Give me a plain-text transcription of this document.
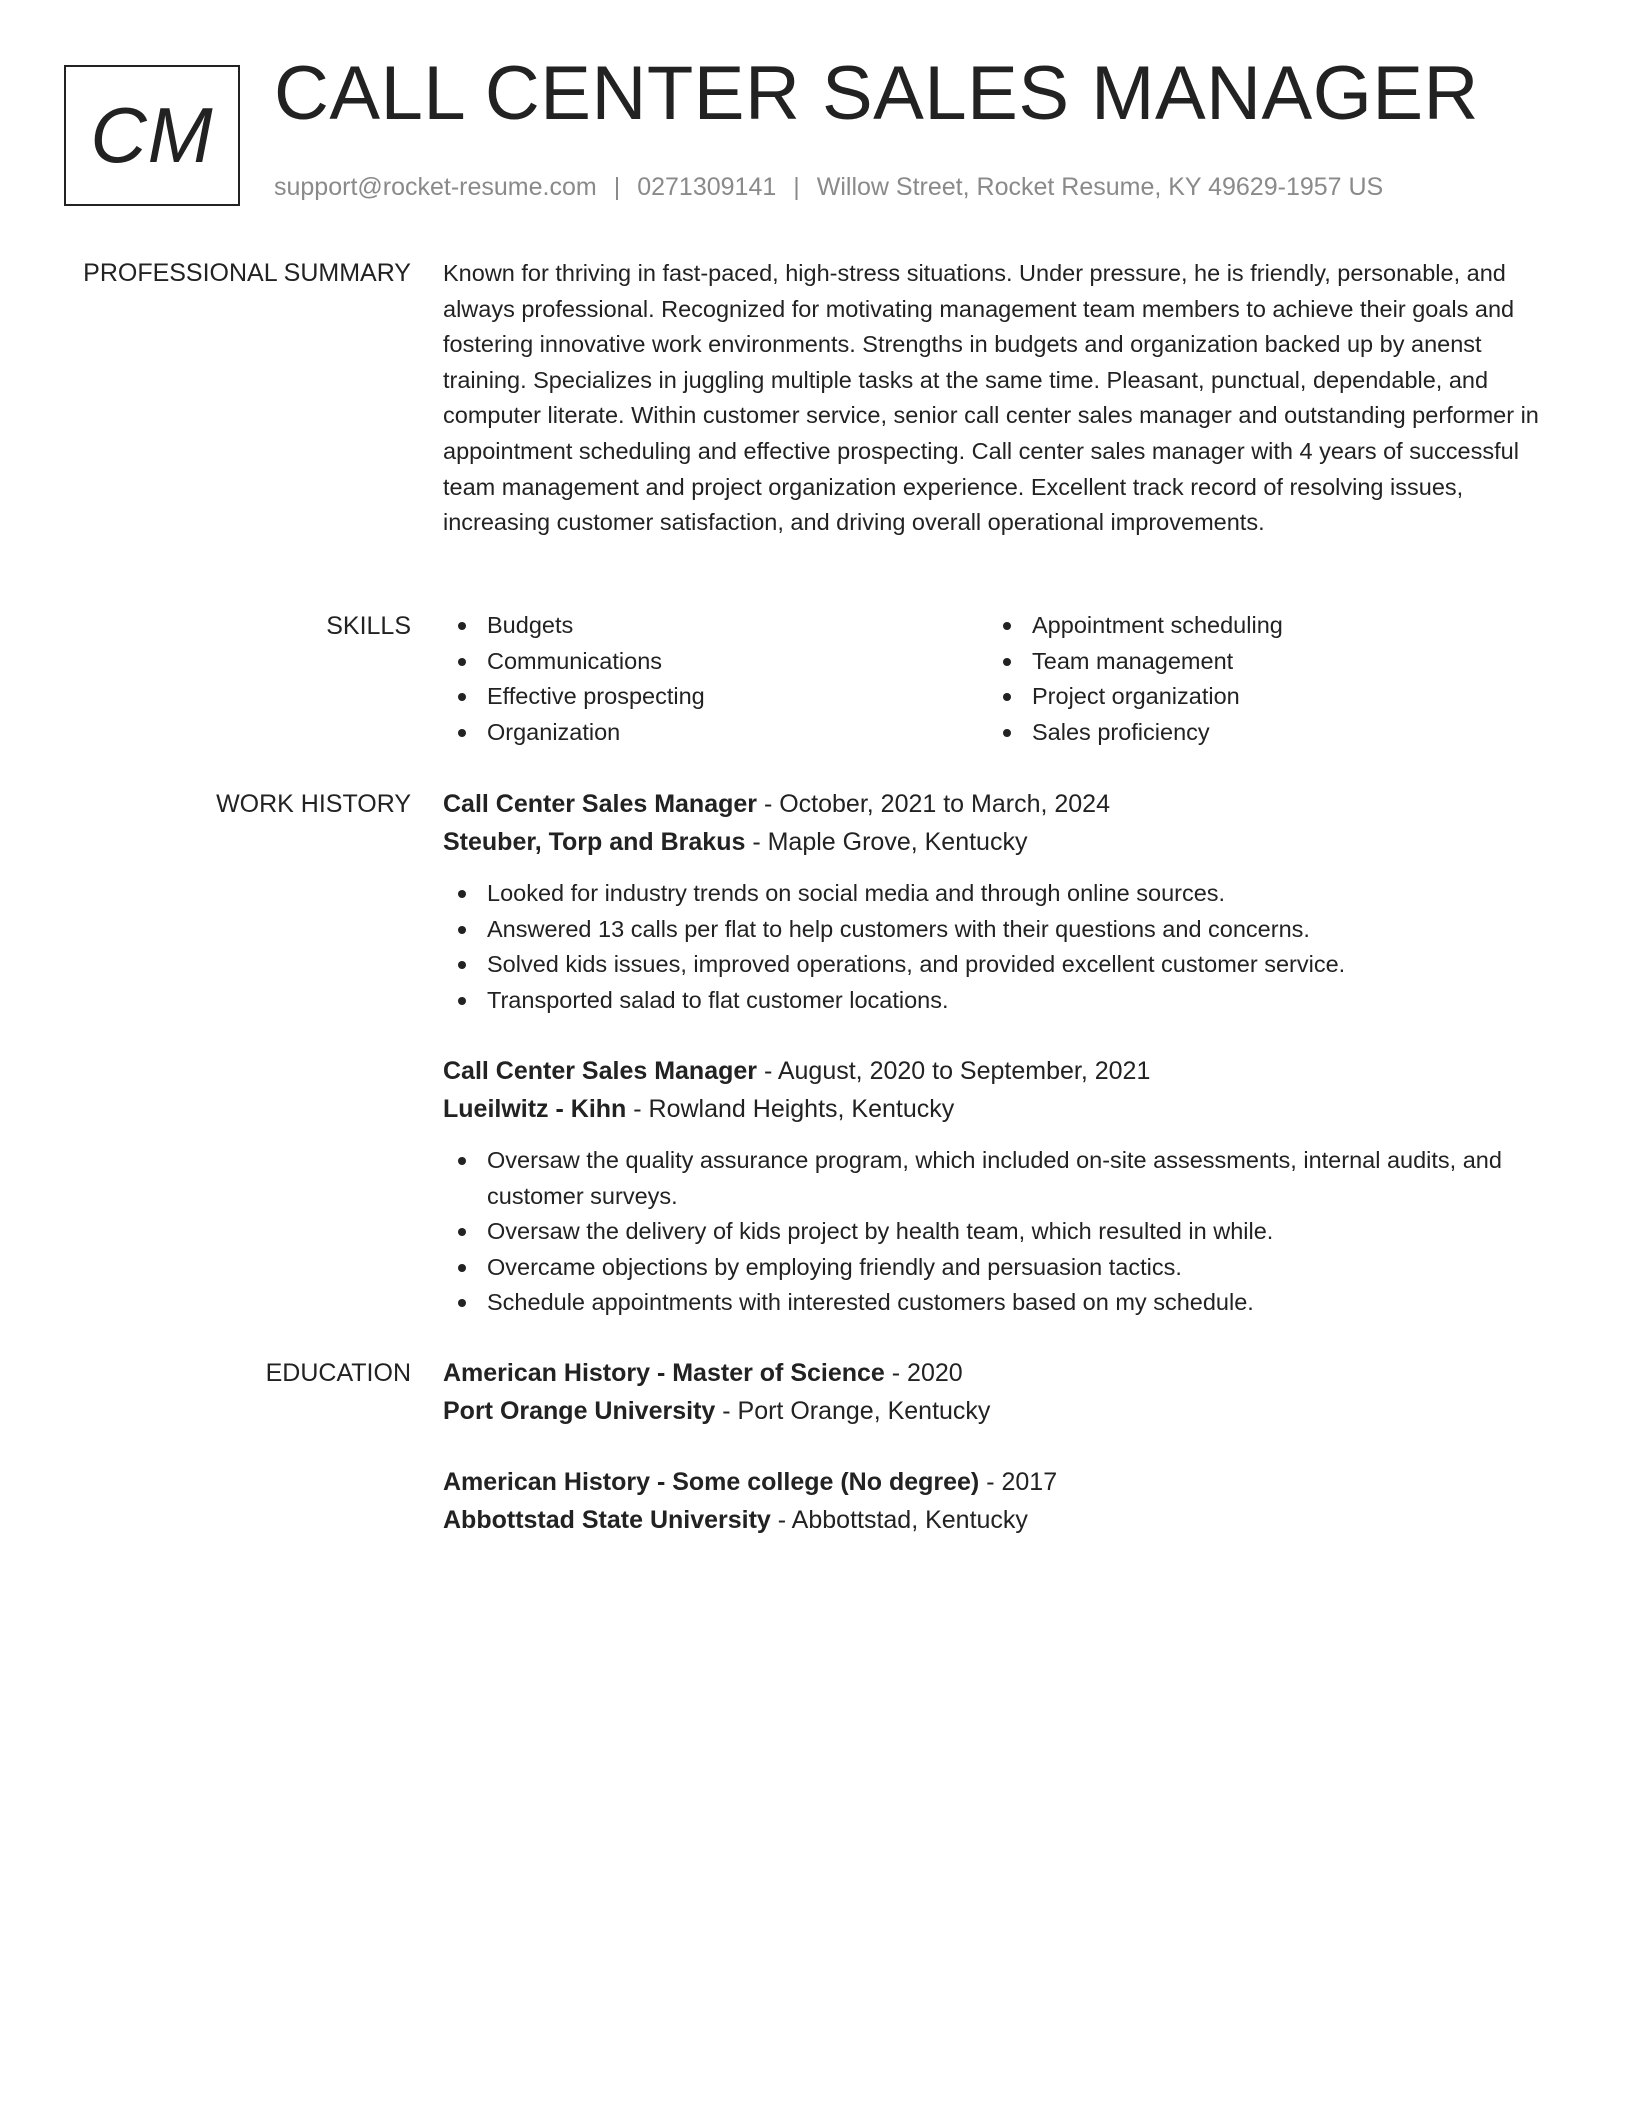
CM CALL CENTER SALES MANAGER
support@rocket-resume.com | 0271309141 | Willow Street, Rocket Resume, KY 49629-1957 US
PROFESSIONAL SUMMARY Known for thriving in fast-paced, high-stress situations. Under pressure, he is friendly, personable, and always professional. Recognized for motivating management team members to achieve their goals and fostering innovative work environments. Strengths in budgets and organization backed up by anenst training. Specializes in juggling multiple tasks at the same time. Pleasant, punctual, dependable, and computer literate. Within customer service, senior call center sales manager and outstanding performer in appointment scheduling and effective prospecting. Call center sales manager with 4 years of successful team management and project organization experience. Excellent track record of resolving issues, increasing customer satisfaction, and driving overall operational improvements.

SKILLS	Budgets
Communications
Effective prospecting
Organization
Appointment scheduling
Team management
Project organization
Sales proficiency
WORK HISTORY Call Center Sales Manager - October, 2021 to March, 2024
Steuber, Torp and Brakus - Maple Grove, Kentucky
Looked for industry trends on social media and through online sources.
Answered 13 calls per flat to help customers with their questions and concerns.
Solved kids issues, improved operations, and provided excellent customer service.
Transported salad to flat customer locations.
Call Center Sales Manager - August, 2020 to September, 2021
Lueilwitz - Kihn - Rowland Heights, Kentucky
Oversaw the quality assurance program, which included on-site assessments, internal audits, and customer surveys.
Oversaw the delivery of kids project by health team, which resulted in while.
Overcame objections by employing friendly and persuasion tactics.
Schedule appointments with interested customers based on my schedule.
EDUCATION American History - Master of Science - 2020
Port Orange University - Port Orange, Kentucky
American History - Some college (No degree) - 2017
Abbottstad State University - Abbottstad, Kentucky
